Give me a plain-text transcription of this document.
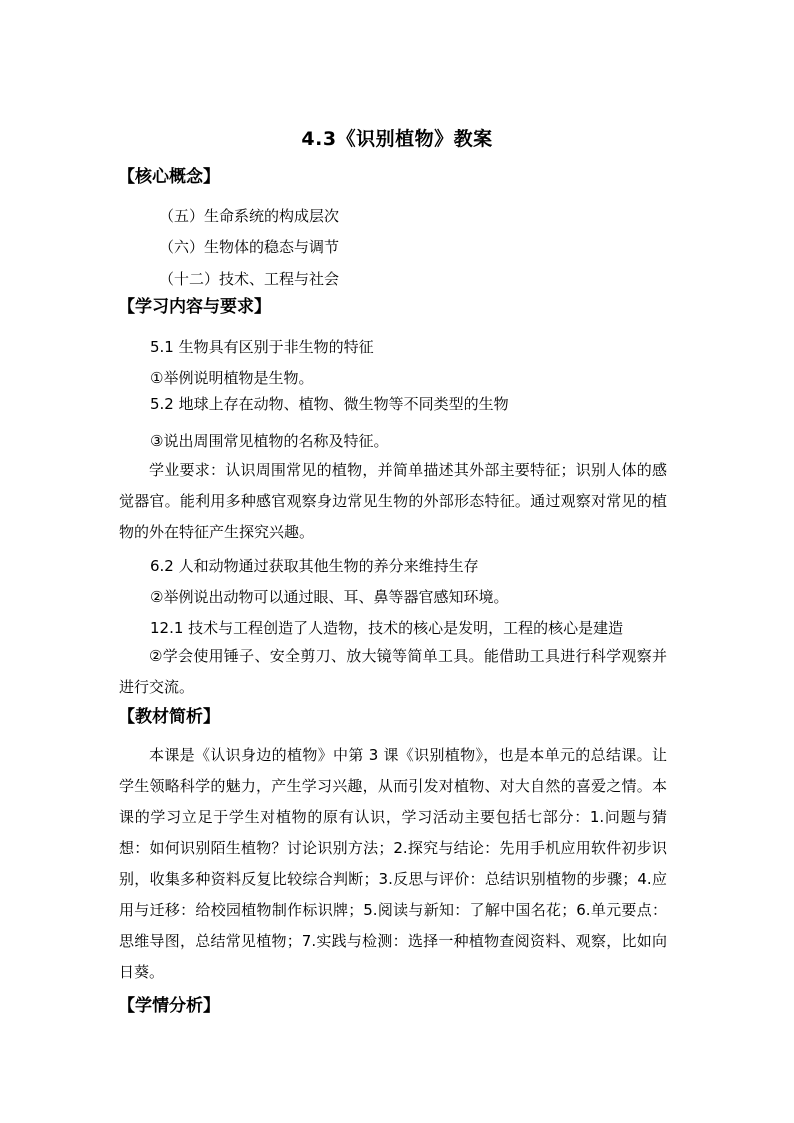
4.3《识别植物》教案
【核心概念】
（五）生命系统的构成层次
（六）生物体的稳态与调节
（十二）技术、工程与社会
【学习内容与要求】
5.1 生物具有区别于非生物的特征
①举例说明植物是生物。
5.2 地球上存在动物、植物、微生物等不同类型的生物
③说出周围常见植物的名称及特征。
学业要求：认识周围常见的植物，并简单描述其外部主要特征；识别人体的感觉器官。能利用多种感官观察身边常见生物的外部形态特征。通过观察对常见的植物的外在特征产生探究兴趣。
6.2 人和动物通过获取其他生物的养分来维持生存
②举例说出动物可以通过眼、耳、鼻等器官感知环境。
12.1 技术与工程创造了人造物，技术的核心是发明，工程的核心是建造
②学会使用锤子、安全剪刀、放大镜等简单工具。能借助工具进行科学观察并进行交流。
【教材简析】
本课是《认识身边的植物》中第 3 课《识别植物》，也是本单元的总结课。让学生领略科学的魅力，产生学习兴趣，从而引发对植物、对大自然的喜爱之情。本课的学习立足于学生对植物的原有认识，学习活动主要包括七部分：1.问题与猜想：如何识别陌生植物？讨论识别方法；2.探究与结论：先用手机应用软件初步识别，收集多种资料反复比较综合判断；3.反思与评价：总结识别植物的步骤；4.应用与迁移：给校园植物制作标识牌；5.阅读与新知：了解中国名花；6.单元要点：思维导图，总结常见植物；7.实践与检测：选择一种植物查阅资料、观察，比如向日葵。
【学情分析】
